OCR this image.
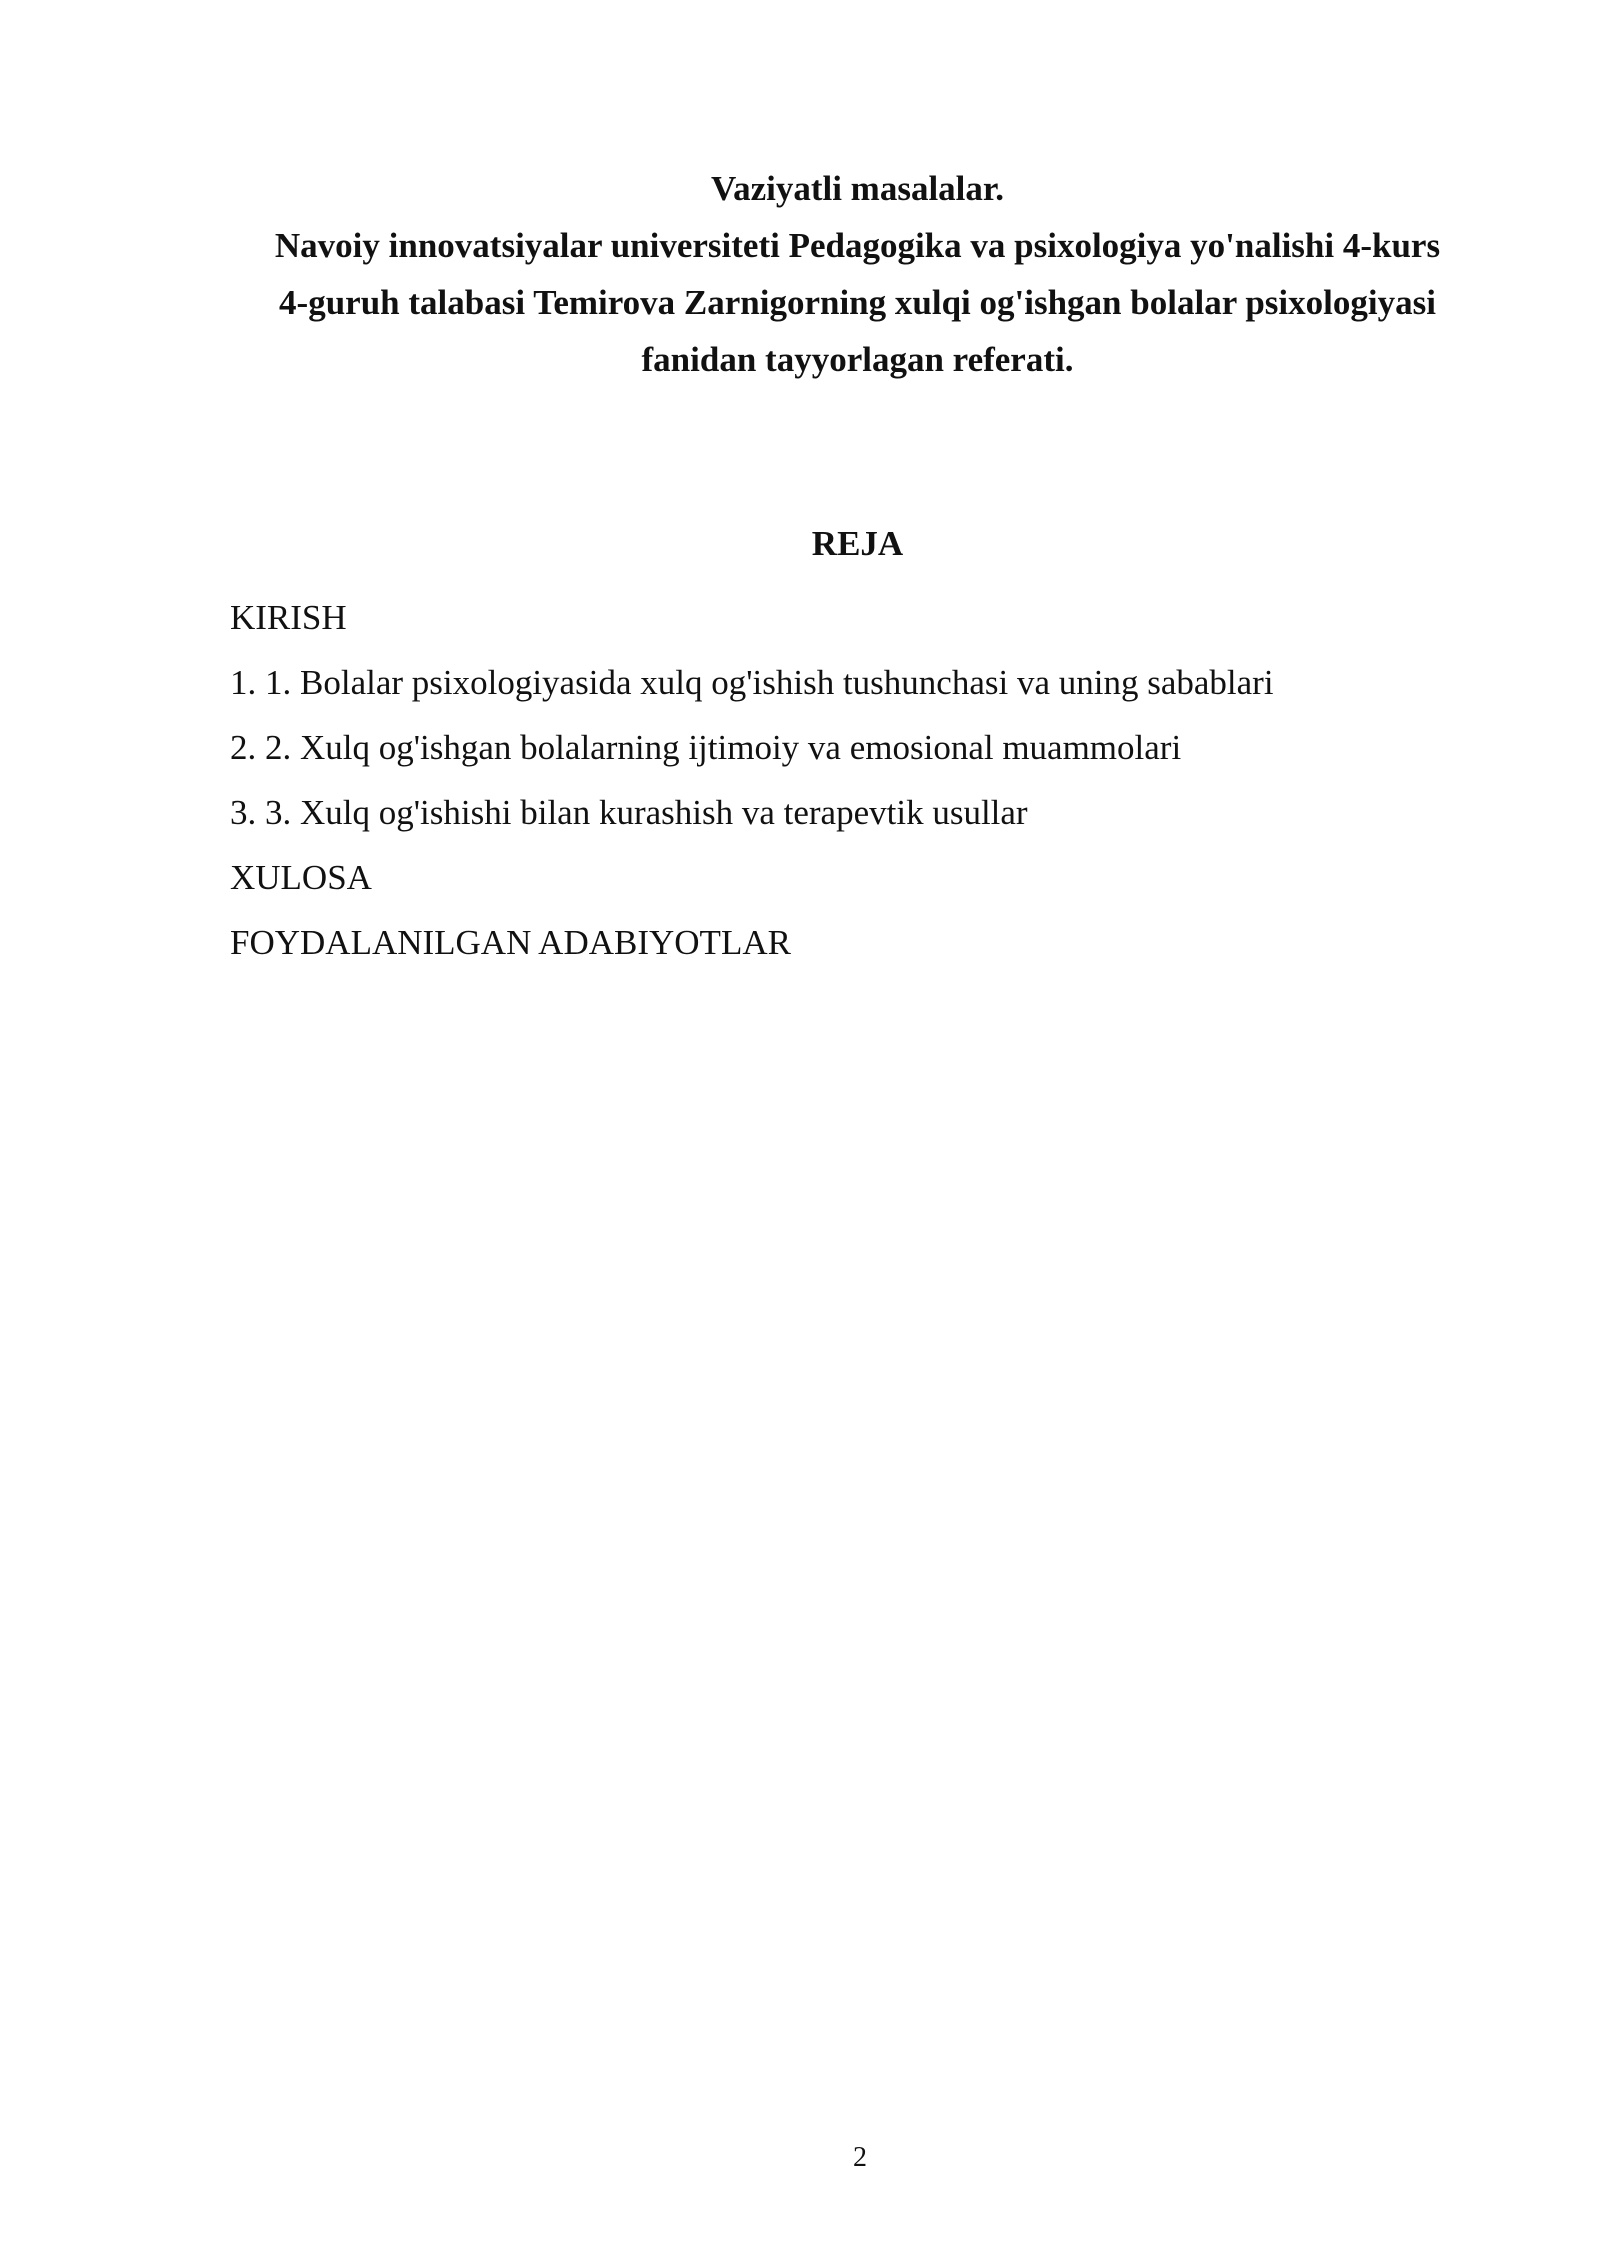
Vaziyatli masalalar.
Navoiy innovatsiyalar universiteti Pedagogika va psixologiya yo'nalishi 4-kurs
4-guruh talabasi Temirova Zarnigorning xulqi og'ishgan bolalar psixologiyasi
fanidan tayyorlagan referati.
REJA
KIRISH
1. 1. Bolalar psixologiyasida xulq og'ishish tushunchasi va uning sabablari
2. 2. Xulq og'ishgan bolalarning ijtimoiy va emosional muammolari
3. 3. Xulq og'ishishi bilan kurashish va terapevtik usullar
XULOSA
FOYDALANILGAN ADABIYOTLAR
2
